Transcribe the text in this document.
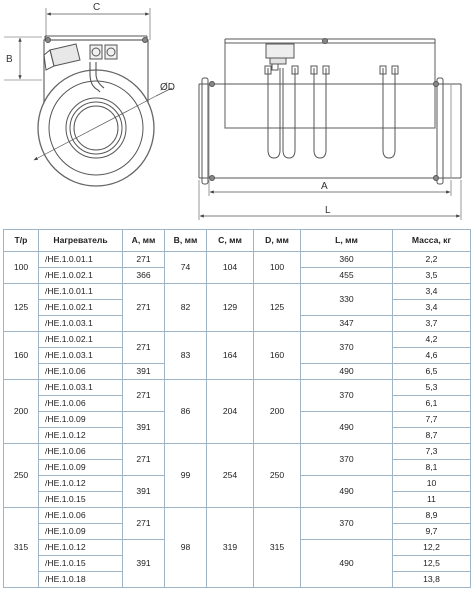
C
B
ØD
A
L
T/p	Нагреватель	A, мм	B, мм	C, мм	D, мм	L, мм	Масса, кг
100	/HE.1.0.01.1	271	74	104	100	360	2,2
	/HE.1.0.02.1	366				455	3,5
125	/HE.1.0.01.1	271	82	129	125	330	3,4
	/HE.1.0.02.1						3,4
	/HE.1.0.03.1					347	3,7
160	/HE.1.0.02.1	271	83	164	160	370	4,2
	/HE.1.0.03.1						4,6
	/HE.1.0.06	391				490	6,5
200	/HE.1.0.03.1	271	86	204	200	370	5,3
	/HE.1.0.06						6,1
	/HE.1.0.09	391				490	7,7
	/HE.1.0.12						8,7
250	/HE.1.0.06	271	99	254	250	370	7,3
	/HE.1.0.09						8,1
	/HE.1.0.12	391				490	10
	/HE.1.0.15						11
315	/HE.1.0.06	271	98	319	315	370	8,9
	/HE.1.0.09						9,7
	/HE.1.0.12	391				490	12,2
	/HE.1.0.15						12,5
	/HE.1.0.18						13,8
